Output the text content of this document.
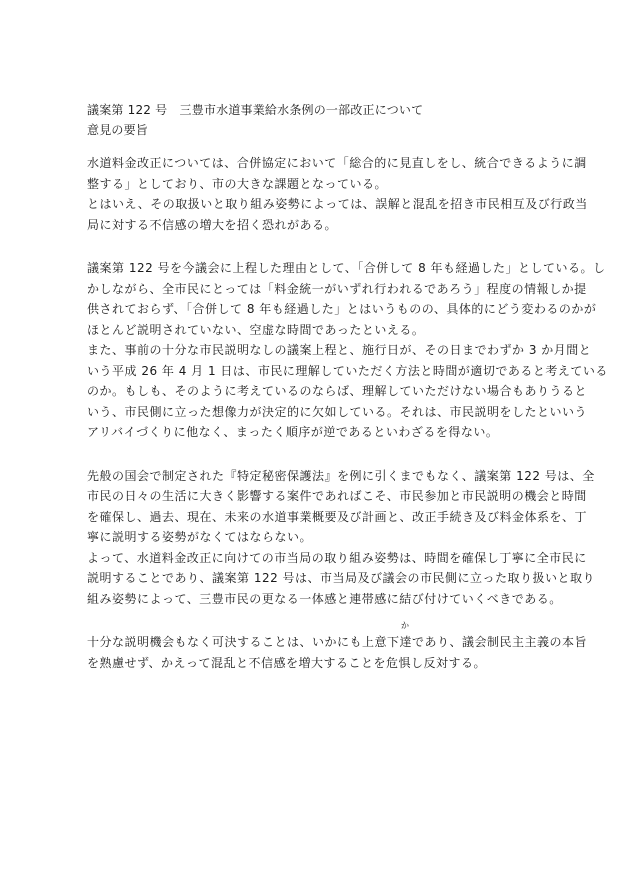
議案第 122 号　三豊市水道事業給水条例の一部改正について
意見の要旨
水道料金改正については、合併協定において「総合的に見直しをし、統合できるように調
整する」としており、市の大きな課題となっている。
とはいえ、その取扱いと取り組み姿勢によっては、誤解と混乱を招き市民相互及び行政当
局に対する不信感の増大を招く恐れがある。
議案第 122 号を今議会に上程した理由として、「合併して 8 年も経過した」としている。し
かしながら、全市民にとっては「料金統一がいずれ行われるであろう」程度の情報しか提
供されておらず、「合併して 8 年も経過した」とはいうものの、具体的にどう変わるのかが
ほとんど説明されていない、空虚な時間であったといえる。
また、事前の十分な市民説明なしの議案上程と、施行日が、その日までわずか 3 か月間と
いう平成 26 年 4 月 1 日は、市民に理解していただく方法と時間が適切であると考えている
のか。もしも、そのように考えているのならば、理解していただけない場合もありうると
いう、市民側に立った想像力が決定的に欠如している。それは、市民説明をしたといいう
アリバイづくりに他なく、まったく順序が逆であるといわざるを得ない。
先般の国会で制定された『特定秘密保護法』を例に引くまでもなく、議案第 122 号は、全
市民の日々の生活に大きく影響する案件であればこそ、市民参加と市民説明の機会と時間
を確保し、過去、現在、未来の水道事業概要及び計画と、改正手続き及び料金体系を、丁
寧に説明する姿勢がなくてはならない。
よって、水道料金改正に向けての市当局の取り組み姿勢は、時間を確保し丁寧に全市民に
説明することであり、議案第 122 号は、市当局及び議会の市民側に立った取り扱いと取り
組み姿勢によって、三豊市民の更なる一体感と連帯感に結び付けていくべきである。
か
十分な説明機会もなく可決することは、いかにも上意下達であり、議会制民主主義の本旨
を熟慮せず、かえって混乱と不信感を増大することを危惧し反対する。
